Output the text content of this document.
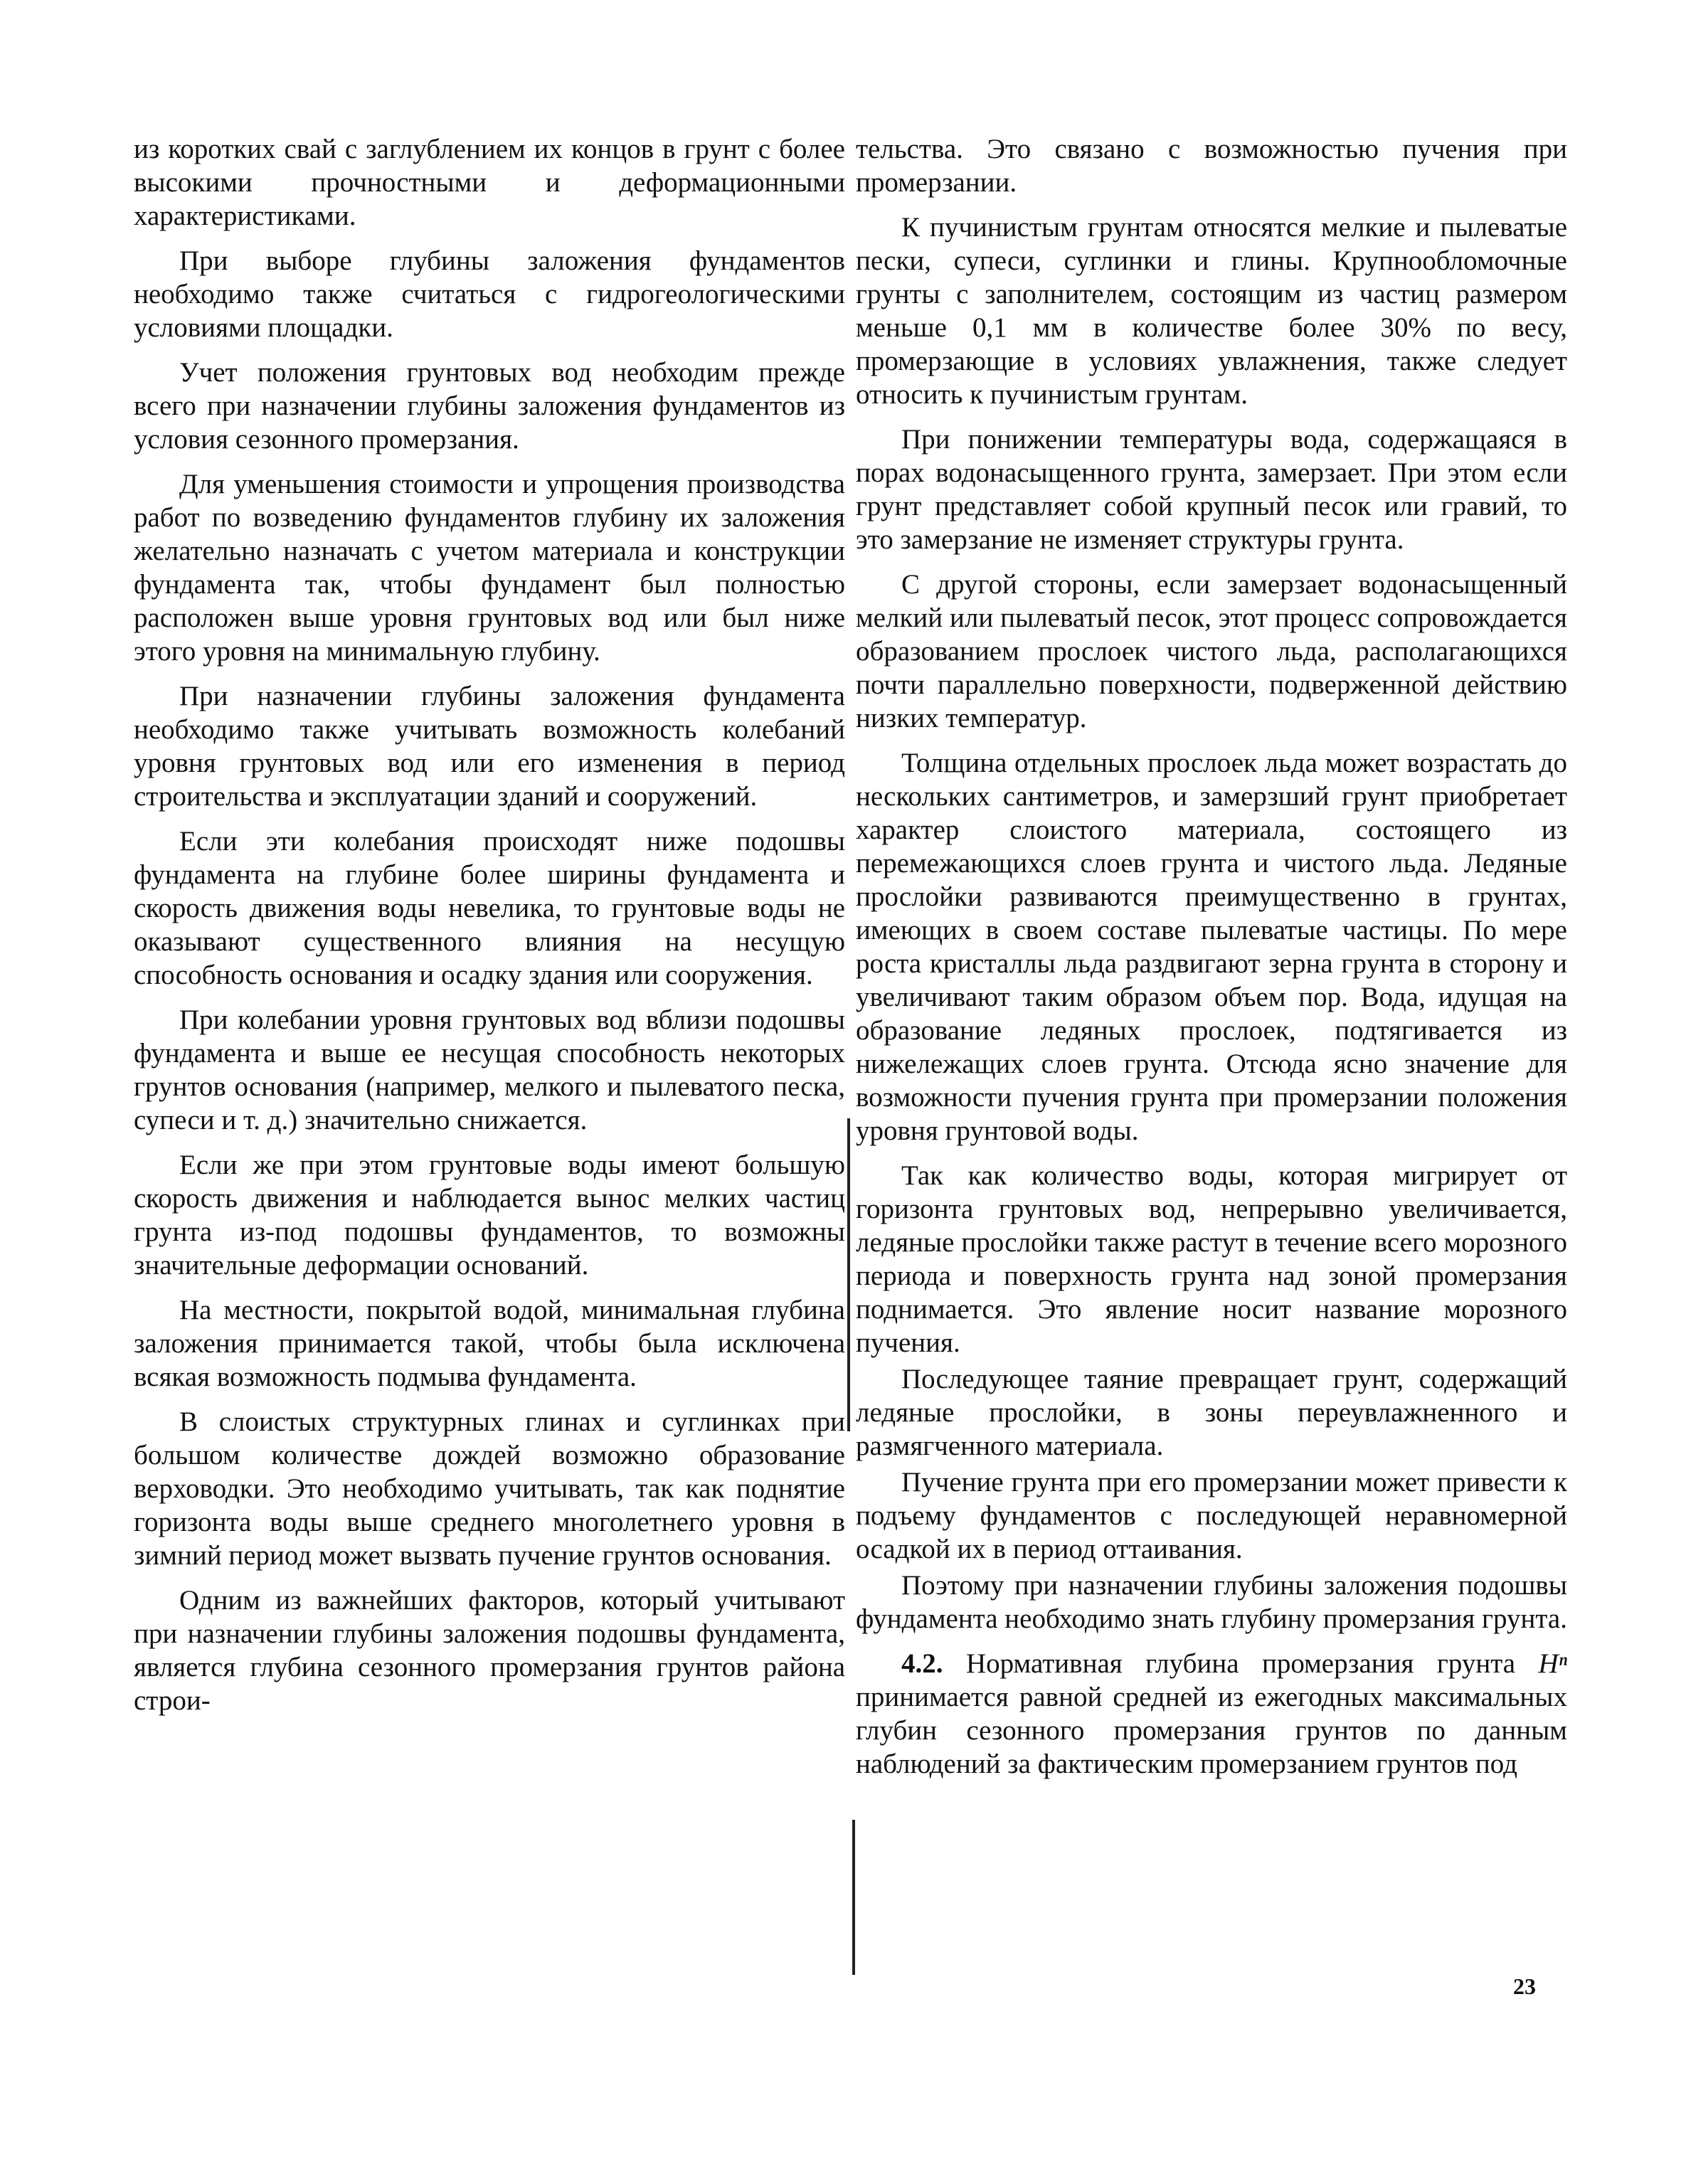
из коротких свай с заглублением их концов в грунт с более высокими прочностными и деформационными характеристиками.

При выборе глубины заложения фундаментов необходимо также считаться с гидрогеологическими условиями площадки.

Учет положения грунтовых вод необходим прежде всего при назначении глубины заложения фундаментов из условия сезонного промерзания.

Для уменьшения стоимости и упрощения производства работ по возведению фундаментов глубину их заложения желательно назначать с учетом материала и конструкции фундамента так, чтобы фундамент был полностью расположен выше уровня грунтовых вод или был ниже этого уровня на минимальную глубину.

При назначении глубины заложения фундамента необходимо также учитывать возможность колебаний уровня грунтовых вод или его изменения в период строительства и эксплуатации зданий и сооружений.

Если эти колебания происходят ниже подошвы фундамента на глубине более ширины фундамента и скорость движения воды невелика, то грунтовые воды не оказывают существенного влияния на несущую способность основания и осадку здания или сооружения.

При колебании уровня грунтовых вод вблизи подошвы фундамента и выше ее несущая способность некоторых грунтов основания (например, мелкого и пылеватого песка, супеси и т. д.) значительно снижается.

Если же при этом грунтовые воды имеют большую скорость движения и наблюдается вынос мелких частиц грунта из-под подошвы фундаментов, то возможны значительные деформации оснований.

На местности, покрытой водой, минимальная глубина заложения принимается такой, чтобы была исключена всякая возможность подмыва фундамента.

В слоистых структурных глинах и суглинках при большом количестве дождей возможно образование верховодки. Это необходимо учитывать, так как поднятие горизонта воды выше среднего многолетнего уровня в зимний период может вызвать пучение грунтов основания.

Одним из важнейших факторов, который учитывают при назначении глубины заложения подошвы фундамента, является глубина сезонного промерзания грунтов района строи-

тельства. Это связано с возможностью пучения при промерзании.

К пучинистым грунтам относятся мелкие и пылеватые пески, супеси, суглинки и глины. Крупнообломочные грунты с заполнителем, состоящим из частиц размером меньше 0,1 мм в количестве более 30% по весу, промерзающие в условиях увлажнения, также следует относить к пучинистым грунтам.

При понижении температуры вода, содержащаяся в порах водонасыщенного грунта, замерзает. При этом если грунт представляет собой крупный песок или гравий, то это замерзание не изменяет структуры грунта.

С другой стороны, если замерзает водонасыщенный мелкий или пылеватый песок, этот процесс сопровождается образованием прослоек чистого льда, располагающихся почти параллельно поверхности, подверженной действию низких температур.

Толщина отдельных прослоек льда может возрастать до нескольких сантиметров, и замерзший грунт приобретает характер слоистого материала, состоящего из перемежающихся слоев грунта и чистого льда. Ледяные прослойки развиваются преимущественно в грунтах, имеющих в своем составе пылеватые частицы. По мере роста кристаллы льда раздвигают зерна грунта в сторону и увеличивают таким образом объем пор. Вода, идущая на образование ледяных прослоек, подтягивается из нижележащих слоев грунта. Отсюда ясно значение для возможности пучения грунта при промерзании положения уровня грунтовой воды.

Так как количество воды, которая мигрирует от горизонта грунтовых вод, непрерывно увеличивается, ледяные прослойки также растут в течение всего морозного периода и поверхность грунта над зоной промерзания поднимается. Это явление носит название морозного пучения.

Последующее таяние превращает грунт, содержащий ледяные прослойки, в зоны переувлажненного и размягченного материала.

Пучение грунта при его промерзании может привести к подъему фундаментов с последующей неравномерной осадкой их в период оттаивания.

Поэтому при назначении глубины заложения подошвы фундамента необходимо знать глубину промерзания грунта.

4.2. Нормативная глубина промерзания грунта Hⁿ принимается равной средней из ежегодных максимальных глубин сезонного промерзания грунтов по данным наблюдений за фактическим промерзанием грунтов под

23
